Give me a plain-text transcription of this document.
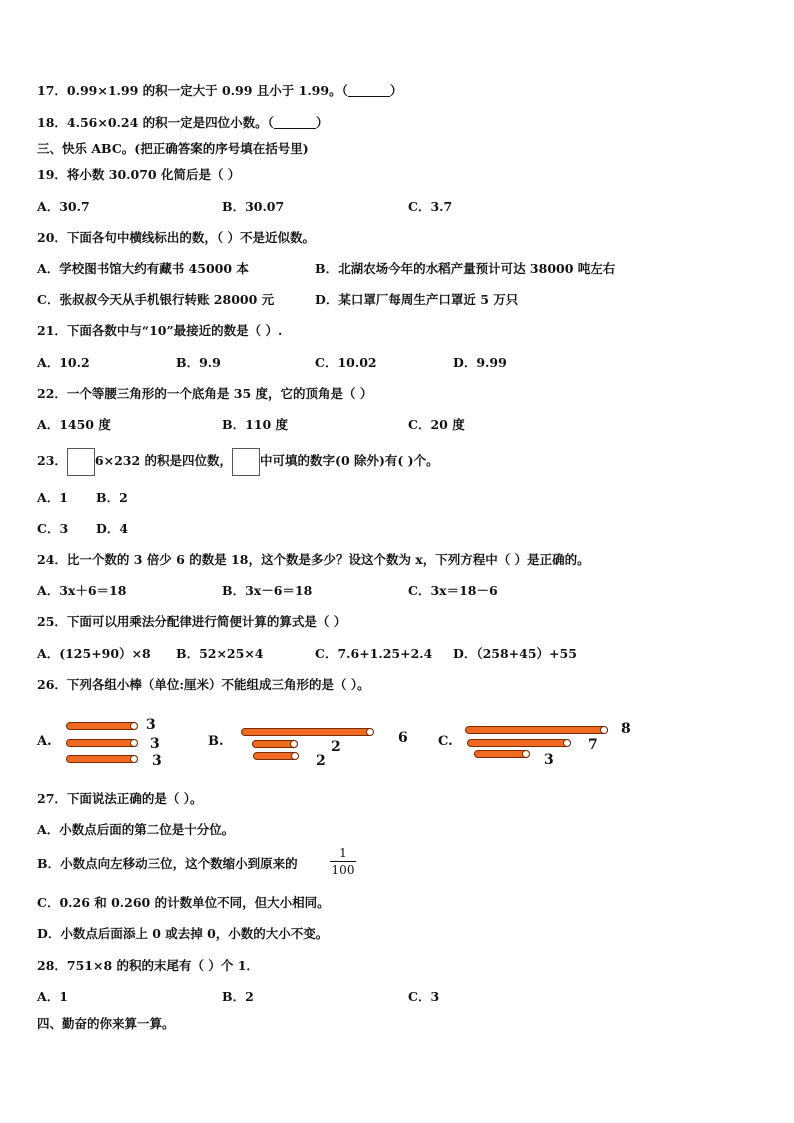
17．0.99×1.99 的积一定大于 0.99 且小于 1.99。（	）
18．4.56×0.24 的积一定是四位小数。（	）
三、快乐 ABC。(把正确答案的序号填在括号里)
19．将小数 30.070 化简后是（ ）
A．30.7	B．30.07	C．3.7
20．下面各句中横线标出的数，（ ）不是近似数。
A．学校图书馆大约有藏书 45000 本	B．北湖农场今年的水稻产量预计可达 38000 吨左右
C．张叔叔今天从手机银行转账 28000 元	D．某口罩厂每周生产口罩近 5 万只
21．下面各数中与“10”最接近的数是（ ）.
A．10.2	B．9.9	C．10.02	D．9.99
22．一个等腰三角形的一个底角是 35 度，它的顶角是（ ）
A．1450 度	B．110 度	C．20 度
23． 6×232 的积是四位数， 中可填的数字(0 除外)有( )个。
A．1 B．2
C．3 D．4
24．比一个数的 3 倍少 6 的数是 18，这个数是多少？设这个数为 x，下列方程中（ ）是正确的。
A．3x＋6＝18	B．3x－6＝18	C．3x＝18－6
25．下面可以用乘法分配律进行简便计算的算式是（ ）
A．(125+90）×8 B．52×25×4	C．7.6+1.25+2.4 D．（258+45）+55
26．下列各组小棒（单位:厘米）不能组成三角形的是（ ）。
A.
3
3
3
B.	6
2
2
C.
8
7
3
27．下面说法正确的是（ ）。
A．小数点后面的第二位是十分位。
B．小数点向左移动三位，这个数缩小到原来的
1
100
C．0.26 和 0.260 的计数单位不同，但大小相同。
D．小数点后面添上 0 或去掉 0，小数的大小不变。
28．751×8 的积的末尾有（ ）个 1．
A．1	B．2	C．3
四、勤奋的你来算一算。
